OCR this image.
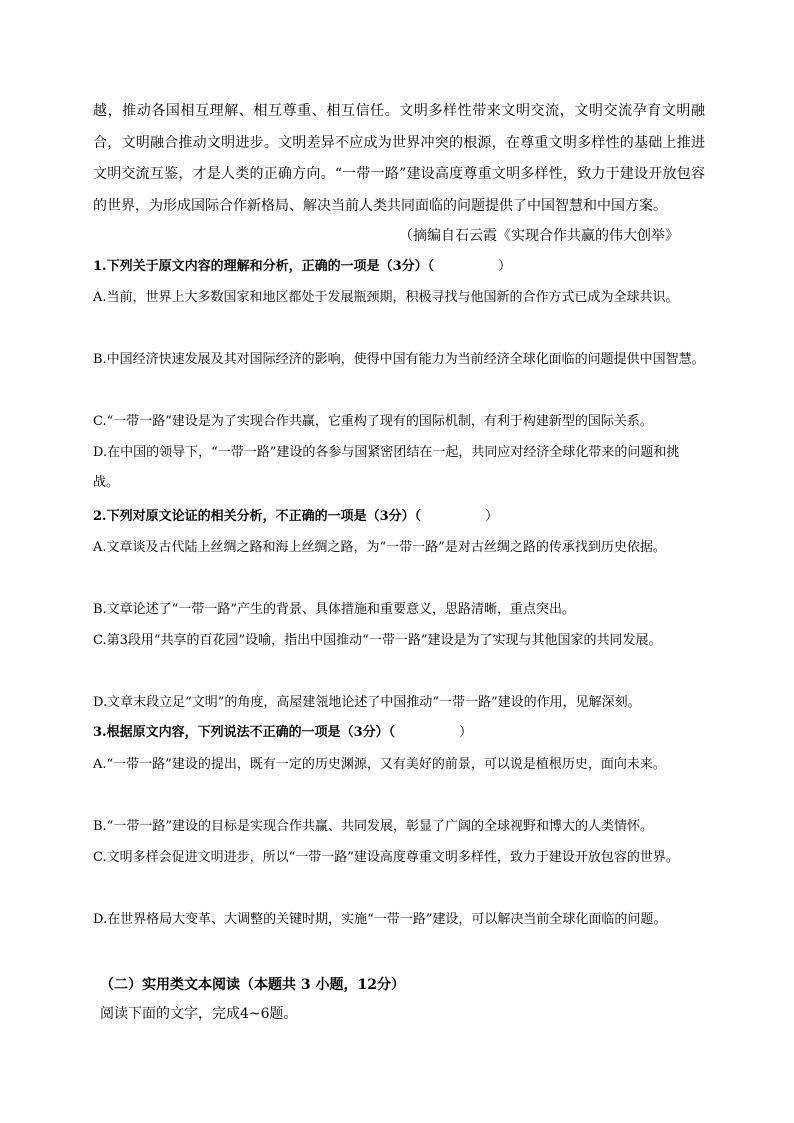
越，推动各国相互理解、相互尊重、相互信任。文明多样性带来文明交流，文明交流孕育文明融合，文明融合推动文明进步。文明差异不应成为世界冲突的根源，在尊重文明多样性的基础上推进文明交流互鉴，才是人类的正确方向。“一带一路”建设高度尊重文明多样性，致力于建设开放包容的世界，为形成国际合作新格局、解决当前人类共同面临的问题提供了中国智慧和中国方案。

（摘编自石云霞《实现合作共赢的伟大创举》
1.下列关于原文内容的理解和分析，正确的一项是（3分）（	）

A.当前，世界上大多数国家和地区都处于发展瓶颈期，积极寻找与他国新的合作方式已成为全球共识。

B.中国经济快速发展及其对国际经济的影响，使得中国有能力为当前经济全球化面临的问题提供中国智慧。

C.“一带一路”建设是为了实现合作共赢，它重构了现有的国际机制，有利于构建新型的国际关系。

D.在中国的领导下，“一带一路”建设的各参与国紧密团结在一起，共同应对经济全球化带来的问题和挑战。

2.下列对原文论证的相关分析，不正确的一项是（3分）（	）

A.文章谈及古代陆上丝绸之路和海上丝绸之路，为“一带一路”是对古丝绸之路的传承找到历史依据。

B.文章论述了“一带一路”产生的背景、具体措施和重要意义，思路清晰，重点突出。

C.第3段用“共享的百花园”设喻，指出中国推动“一带一路”建设是为了实现与其他国家的共同发展。

D.文章末段立足“文明”的角度，高屋建瓴地论述了中国推动“一带一路”建设的作用，见解深刻。

3.根据原文内容，下列说法不正确的一项是（3分）（	）

A.“一带一路”建设的提出，既有一定的历史渊源，又有美好的前景，可以说是植根历史，面向未来。

B.“一带一路”建设的目标是实现合作共赢、共同发展，彰显了广阔的全球视野和博大的人类情怀。

C.文明多样会促进文明进步，所以“一带一路”建设高度尊重文明多样性，致力于建设开放包容的世界。

D.在世界格局大变革、大调整的关键时期，实施“一带一路”建设，可以解决当前全球化面临的问题。

（二）实用类文本阅读（本题共 3 小题，12分）
阅读下面的文字，完成4~6题。
